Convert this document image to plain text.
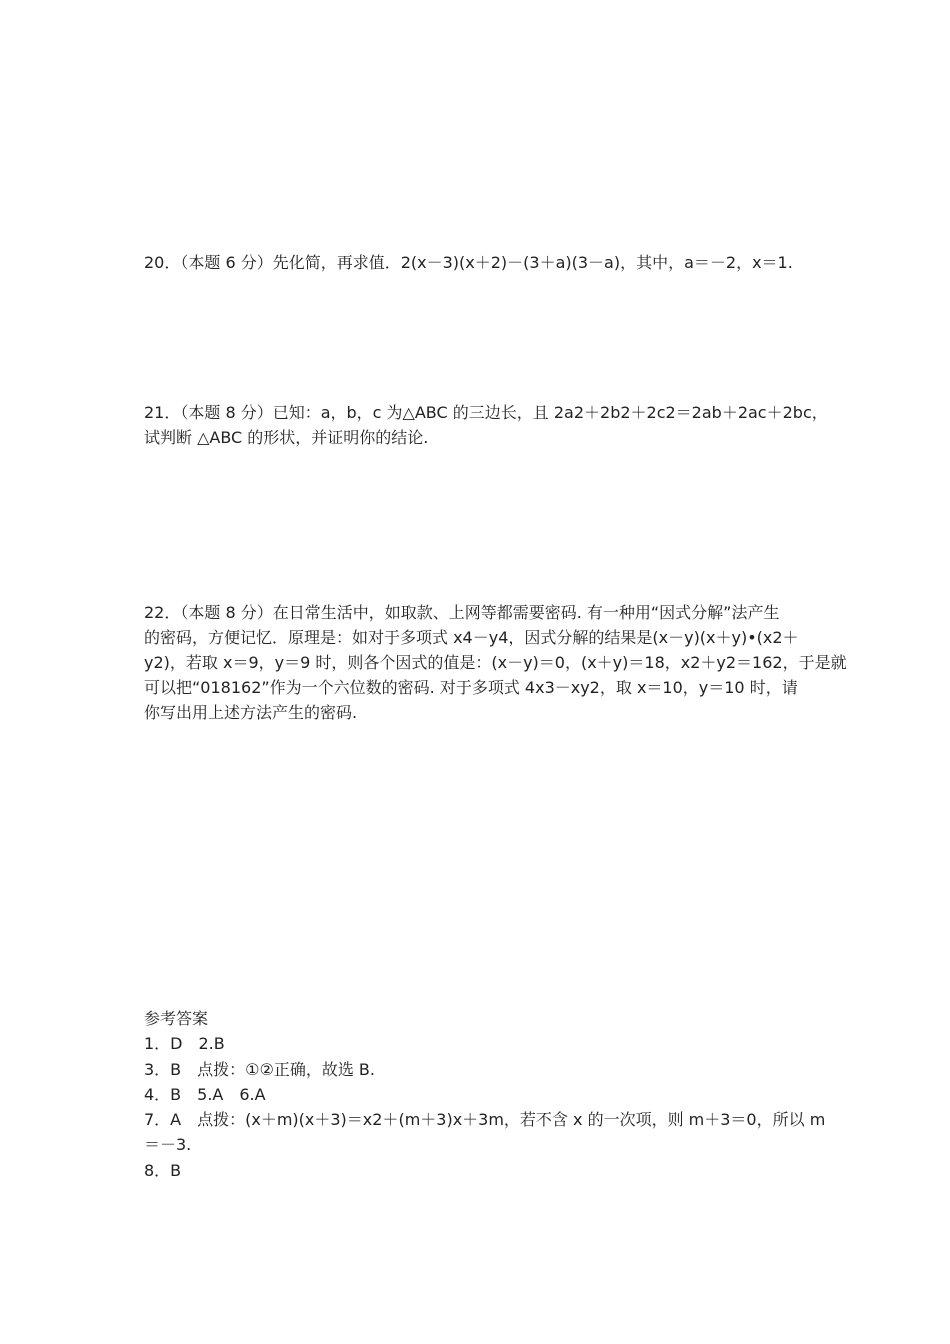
20．（本题 6 分）先化简，再求值．2(x－3)(x＋2)－(3＋a)(3－a)，其中，a＝－2，x＝1.
21．（本题 8 分）已知：a，b，c 为△ABC 的三边长，且 2a2＋2b2＋2c2＝2ab＋2ac＋2bc，
试判断 △ABC 的形状，并证明你的结论.
22．（本题 8 分）在日常生活中，如取款、上网等都需要密码. 有一种用“因式分解”法产生
的密码，方便记忆．原理是：如对于多项式 x4－y4，因式分解的结果是(x－y)(x＋y)•(x2＋
y2)，若取 x＝9，y＝9 时，则各个因式的值是：(x－y)＝0，(x＋y)＝18，x2＋y2＝162，于是就
可以把“018162”作为一个六位数的密码. 对于多项式 4x3－xy2，取 x＝10，y＝10 时，请
你写出用上述方法产生的密码.
参考答案
1．D　2.B
3．B　点拨：①②正确，故选 B.
4．B　5.A　6.A
7．A　点拨：(x＋m)(x＋3)＝x2＋(m＋3)x＋3m，若不含 x 的一次项，则 m＋3＝0，所以 m
＝－3.
8．B
